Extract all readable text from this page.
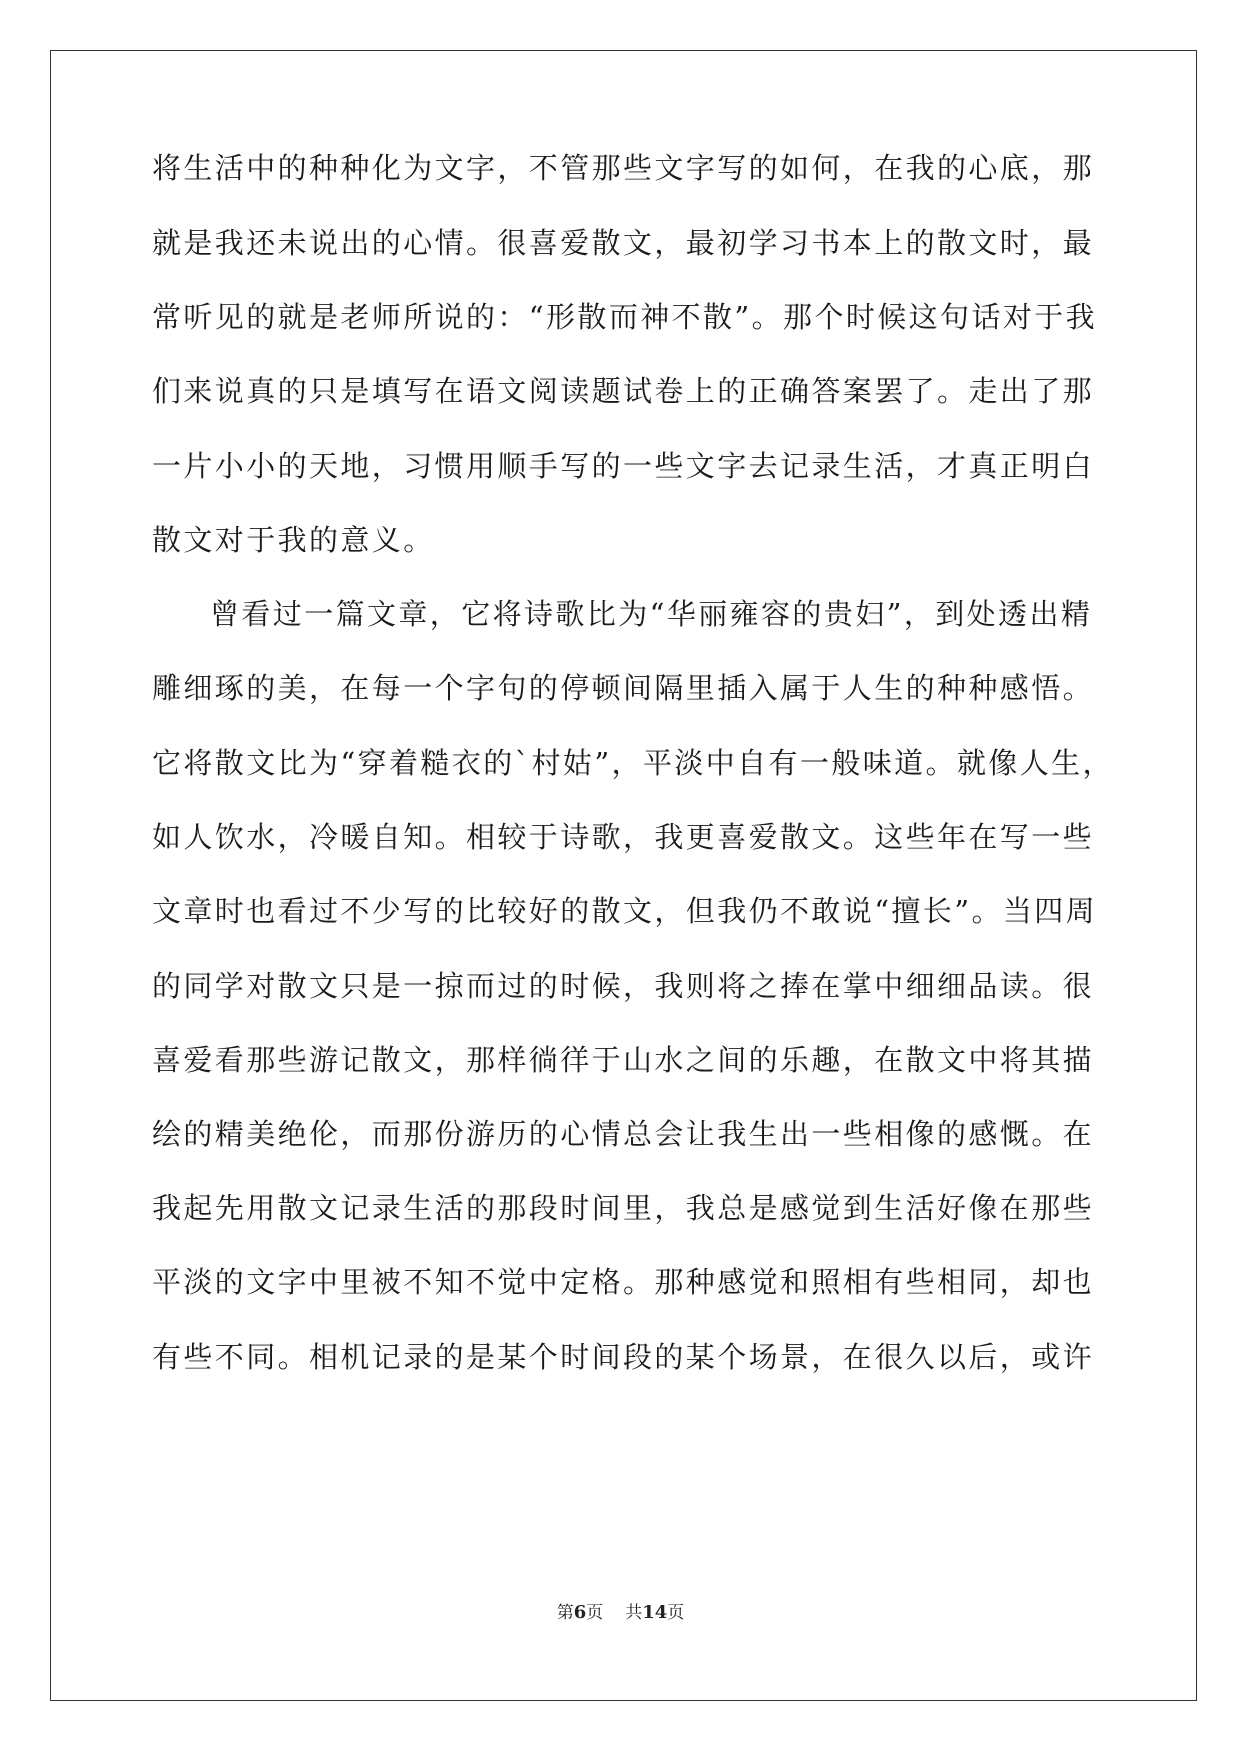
将生活中的种种化为文字，不管那些文字写的如何，在我的心底，那
就是我还未说出的心情。很喜爱散文，最初学习书本上的散文时，最
常听见的就是老师所说的：“形散而神不散”。那个时候这句话对于我
们来说真的只是填写在语文阅读题试卷上的正确答案罢了。走出了那
一片小小的天地，习惯用顺手写的一些文字去记录生活，才真正明白
散文对于我的意义。
曾看过一篇文章，它将诗歌比为“华丽雍容的贵妇”，到处透出精
雕细琢的美，在每一个字句的停顿间隔里插入属于人生的种种感悟。
它将散文比为“穿着糙衣的`村姑”，平淡中自有一般味道。就像人生，
如人饮水，冷暖自知。相较于诗歌，我更喜爱散文。这些年在写一些
文章时也看过不少写的比较好的散文，但我仍不敢说“擅长”。当四周
的同学对散文只是一掠而过的时候，我则将之捧在掌中细细品读。很
喜爱看那些游记散文，那样徜徉于山水之间的乐趣，在散文中将其描
绘的精美绝伦，而那份游历的心情总会让我生出一些相像的感慨。在
我起先用散文记录生活的那段时间里，我总是感觉到生活好像在那些
平淡的文字中里被不知不觉中定格。那种感觉和照相有些相同，却也
有些不同。相机记录的是某个时间段的某个场景，在很久以后，或许
第6页 共14页
